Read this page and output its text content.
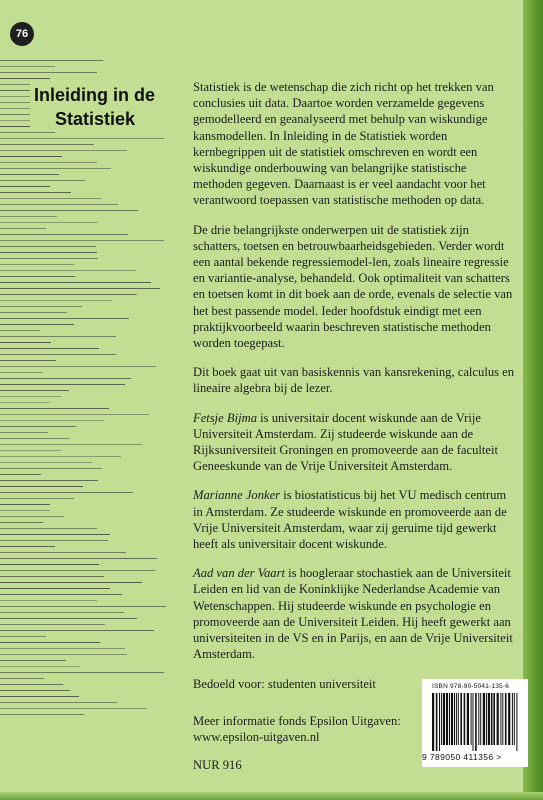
76
Inleiding in de
Statistiek

Statistiek is de wetenschap die zich richt op het trekken van conclusies uit data. Daartoe worden verzamelde gegevens gemodelleerd en geanalyseerd met behulp van wiskundige kansmodellen. In Inleiding in de Statistiek worden kernbegrippen uit de statistiek omschreven en wordt een wiskundige onderbouwing van belangrijke statistische methoden gegeven. Daarnaast is er veel aandacht voor het verantwoord toepassen van statistische methoden op data.

De drie belangrijkste onderwerpen uit de statistiek zijn schatters, toetsen en betrouwbaarheidsgebieden. Verder wordt een aantal bekende regressiemodel-len, zoals lineaire regressie en variantie-analyse, behandeld. Ook optimaliteit van schatters en toetsen komt in dit boek aan de orde, evenals de selectie van het best passende model. Ieder hoofdstuk eindigt met een praktijkvoorbeeld waarin beschreven statistische methoden worden toegepast.

Dit boek gaat uit van basiskennis van kansrekening, calculus en lineaire algebra bij de lezer.

Fetsje Bijma is universitair docent wiskunde aan de Vrije Universiteit Amsterdam. Zij studeerde wiskunde aan de Rijksuniversiteit Groningen en promoveerde aan de faculteit Geneeskunde van de Vrije Universiteit Amsterdam.

Marianne Jonker is biostatisticus bij het VU medisch centrum in Amsterdam. Ze studeerde wiskunde en promoveerde aan de Vrije Universiteit Amsterdam, waar zij geruime tijd gewerkt heeft als universitair docent wiskunde.

Aad van der Vaart is hoogleraar stochastiek aan de Universiteit Leiden en lid van de Koninklijke Nederlandse Academie van Wetenschappen. Hij studeerde wiskunde en psychologie en promoveerde aan de Universiteit Leiden. Hij heeft gewerkt aan universiteiten in de VS en in Parijs, en aan de Vrije Universiteit Amsterdam.

Bedoeld voor: studenten universiteit

Meer informatie fonds Epsilon Uitgaven:
www.epsilon-uitgaven.nl

NUR 916

ISBN 978-90-5041-135-6
9 789050 411356 >
